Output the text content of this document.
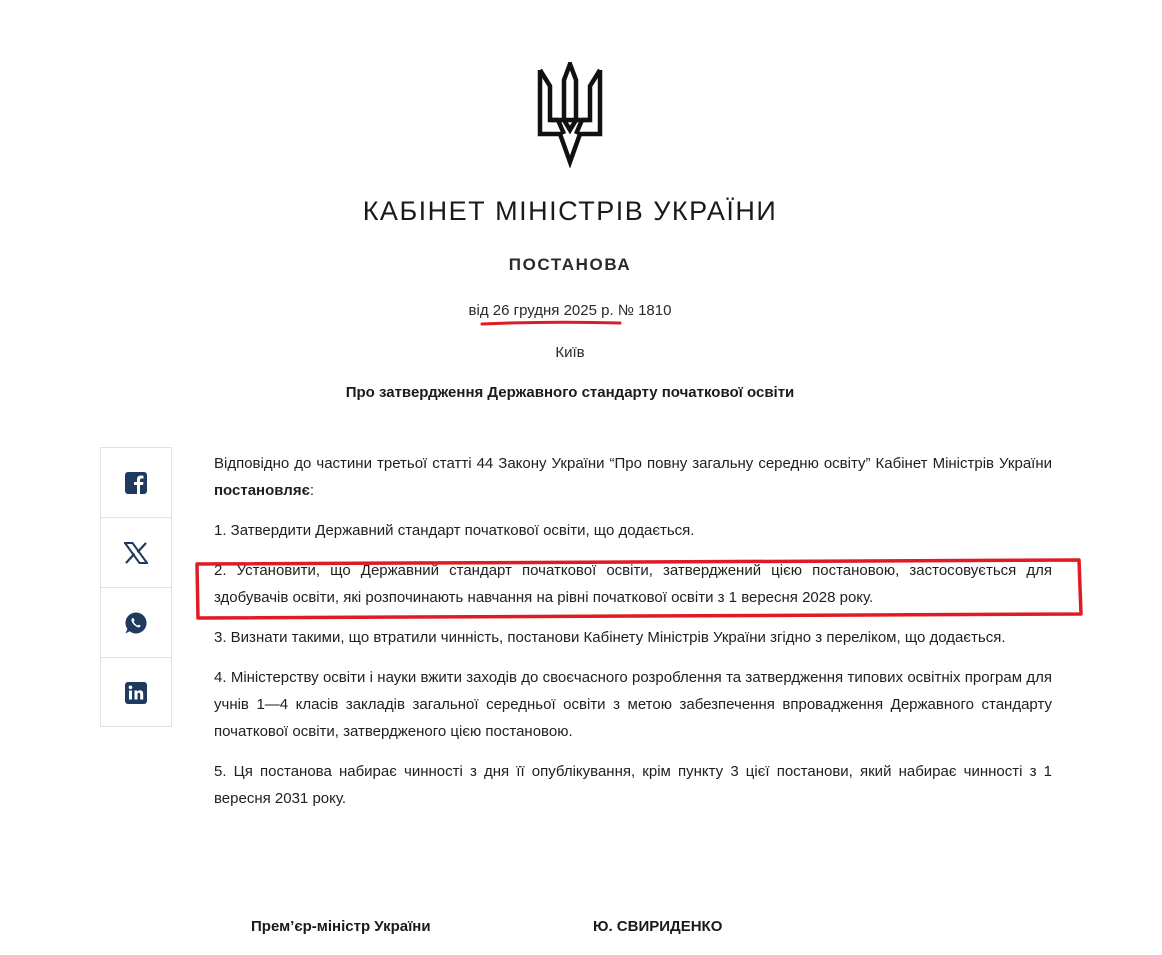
КАБІНЕТ МІНІСТРІВ УКРАЇНИ
ПОСТАНОВА
від 26 грудня 2025 р. № 1810
Київ
Про затвердження Державного стандарту початкової освіти

Відповідно до частини третьої статті 44 Закону України “Про повну загальну середню освіту” Кабінет Міністрів України постановляє:

1. Затвердити Державний стандарт початкової освіти, що додається.

2. Установити, що Державний стандарт початкової освіти, затверджений цією постановою, застосовується для здобувачів освіти, які розпочинають навчання на рівні початкової освіти з 1 вересня 2028 року.

3. Визнати такими, що втратили чинність, постанови Кабінету Міністрів України згідно з переліком, що додається.

4. Міністерству освіти і науки вжити заходів до своєчасного розроблення та затвердження типових освітніх програм для учнів 1—4 класів закладів загальної середньої освіти з метою забезпечення впровадження Державного стандарту початкової освіти, затвердженого цією постановою.

5. Ця постанова набирає чинності з дня її опублікування, крім пункту 3 цієї постанови, який набирає чинності з 1 вересня 2031 року.

Прем’єр-міністр України	Ю. СВИРИДЕНКО
